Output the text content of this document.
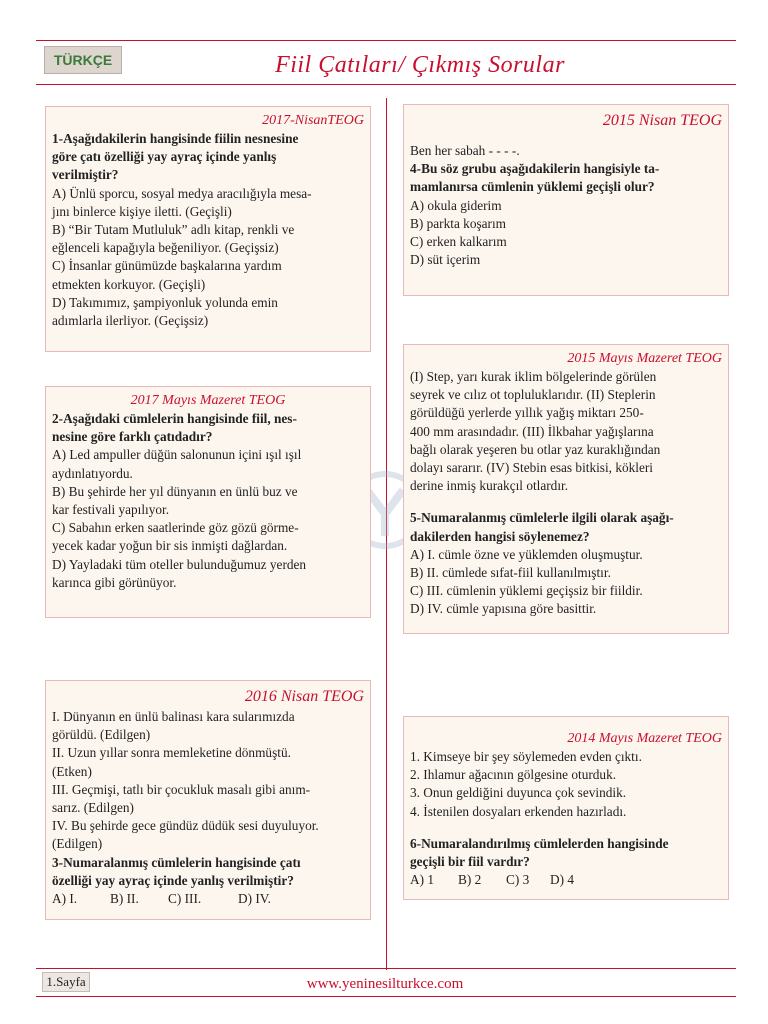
TÜRKÇE	Fiil Çatıları/ Çıkmış Sorular
2017-NisanTEOG
1-Aşağıdakilerin hangisinde fiilin nesnesine
göre çatı özelliği yay ayraç içinde yanlış
verilmiştir?
A) Ünlü sporcu, sosyal medya aracılığıyla mesa-
jını binlerce kişiye iletti. (Geçişli)
B) “Bir Tutam Mutluluk” adlı kitap, renkli ve
eğlenceli kapağıyla beğeniliyor. (Geçişsiz)
C) İnsanlar günümüzde başkalarına yardım
etmekten korkuyor. (Geçişli)
D) Takımımız, şampiyonluk yolunda emin
adımlarla ilerliyor. (Geçişsiz)
2017 Mayıs Mazeret TEOG
2-Aşağıdaki cümlelerin hangisinde fiil, nes-
nesine göre farklı çatıdadır?
A) Led ampuller düğün salonunun içini ışıl ışıl
aydınlatıyordu.
B) Bu şehirde her yıl dünyanın en ünlü buz ve
kar festivali yapılıyor.
C) Sabahın erken saatlerinde göz gözü görme-
yecek kadar yoğun bir sis inmişti dağlardan.
D) Yayladaki tüm oteller bulunduğumuz yerden
karınca gibi görünüyor.
2016 Nisan TEOG
I. Dünyanın en ünlü balinası kara sularımızda
görüldü. (Edilgen)
II. Uzun yıllar sonra memleketine dönmüştü.
(Etken)
III. Geçmişi, tatlı bir çocukluk masalı gibi anım-
sarız. (Edilgen)
IV. Bu şehirde gece gündüz düdük sesi duyuluyor.
(Edilgen)
3-Numaralanmış cümlelerin hangisinde çatı
özelliği yay ayraç içinde yanlış verilmiştir?
A) I. B) II. C) III.	D) IV.
2015 Nisan TEOG
Ben her sabah - - - -.
4-Bu söz grubu aşağıdakilerin hangisiyle ta-
mamlanırsa cümlenin yüklemi geçişli olur?
A) okula giderim
B) parkta koşarım
C) erken kalkarım
D) süt içerim
2015 Mayıs Mazeret TEOG
(I) Step, yarı kurak iklim bölgelerinde görülen
seyrek ve cılız ot topluluklarıdır. (II) Steplerin
görüldüğü yerlerde yıllık yağış miktarı 250-
400 mm arasındadır. (III) İlkbahar yağışlarına
bağlı olarak yeşeren bu otlar yaz kuraklığından
dolayı sararır. (IV) Stebin esas bitkisi, kökleri
derine inmiş kurakçıl otlardır.
5-Numaralanmış cümlelerle ilgili olarak aşağı-
dakilerden hangisi söylenemez?
A) I. cümle özne ve yüklemden oluşmuştur.
B) II. cümlede sıfat-fiil kullanılmıştır.
C) III. cümlenin yüklemi geçişsiz bir fiildir.
D) IV. cümle yapısına göre basittir.
2014 Mayıs Mazeret TEOG
1. Kimseye bir şey söylemeden evden çıktı.
2. Ihlamur ağacının gölgesine oturduk.
3. Onun geldiğini duyunca çok sevindik.
4. İstenilen dosyaları erkenden hazırladı.
6-Numaralandırılmış cümlelerden hangisinde
geçişli bir fiil vardır?
A) 1 B) 2 C) 3 D) 4
1.Sayfa	www.yeninesilturkce.com
